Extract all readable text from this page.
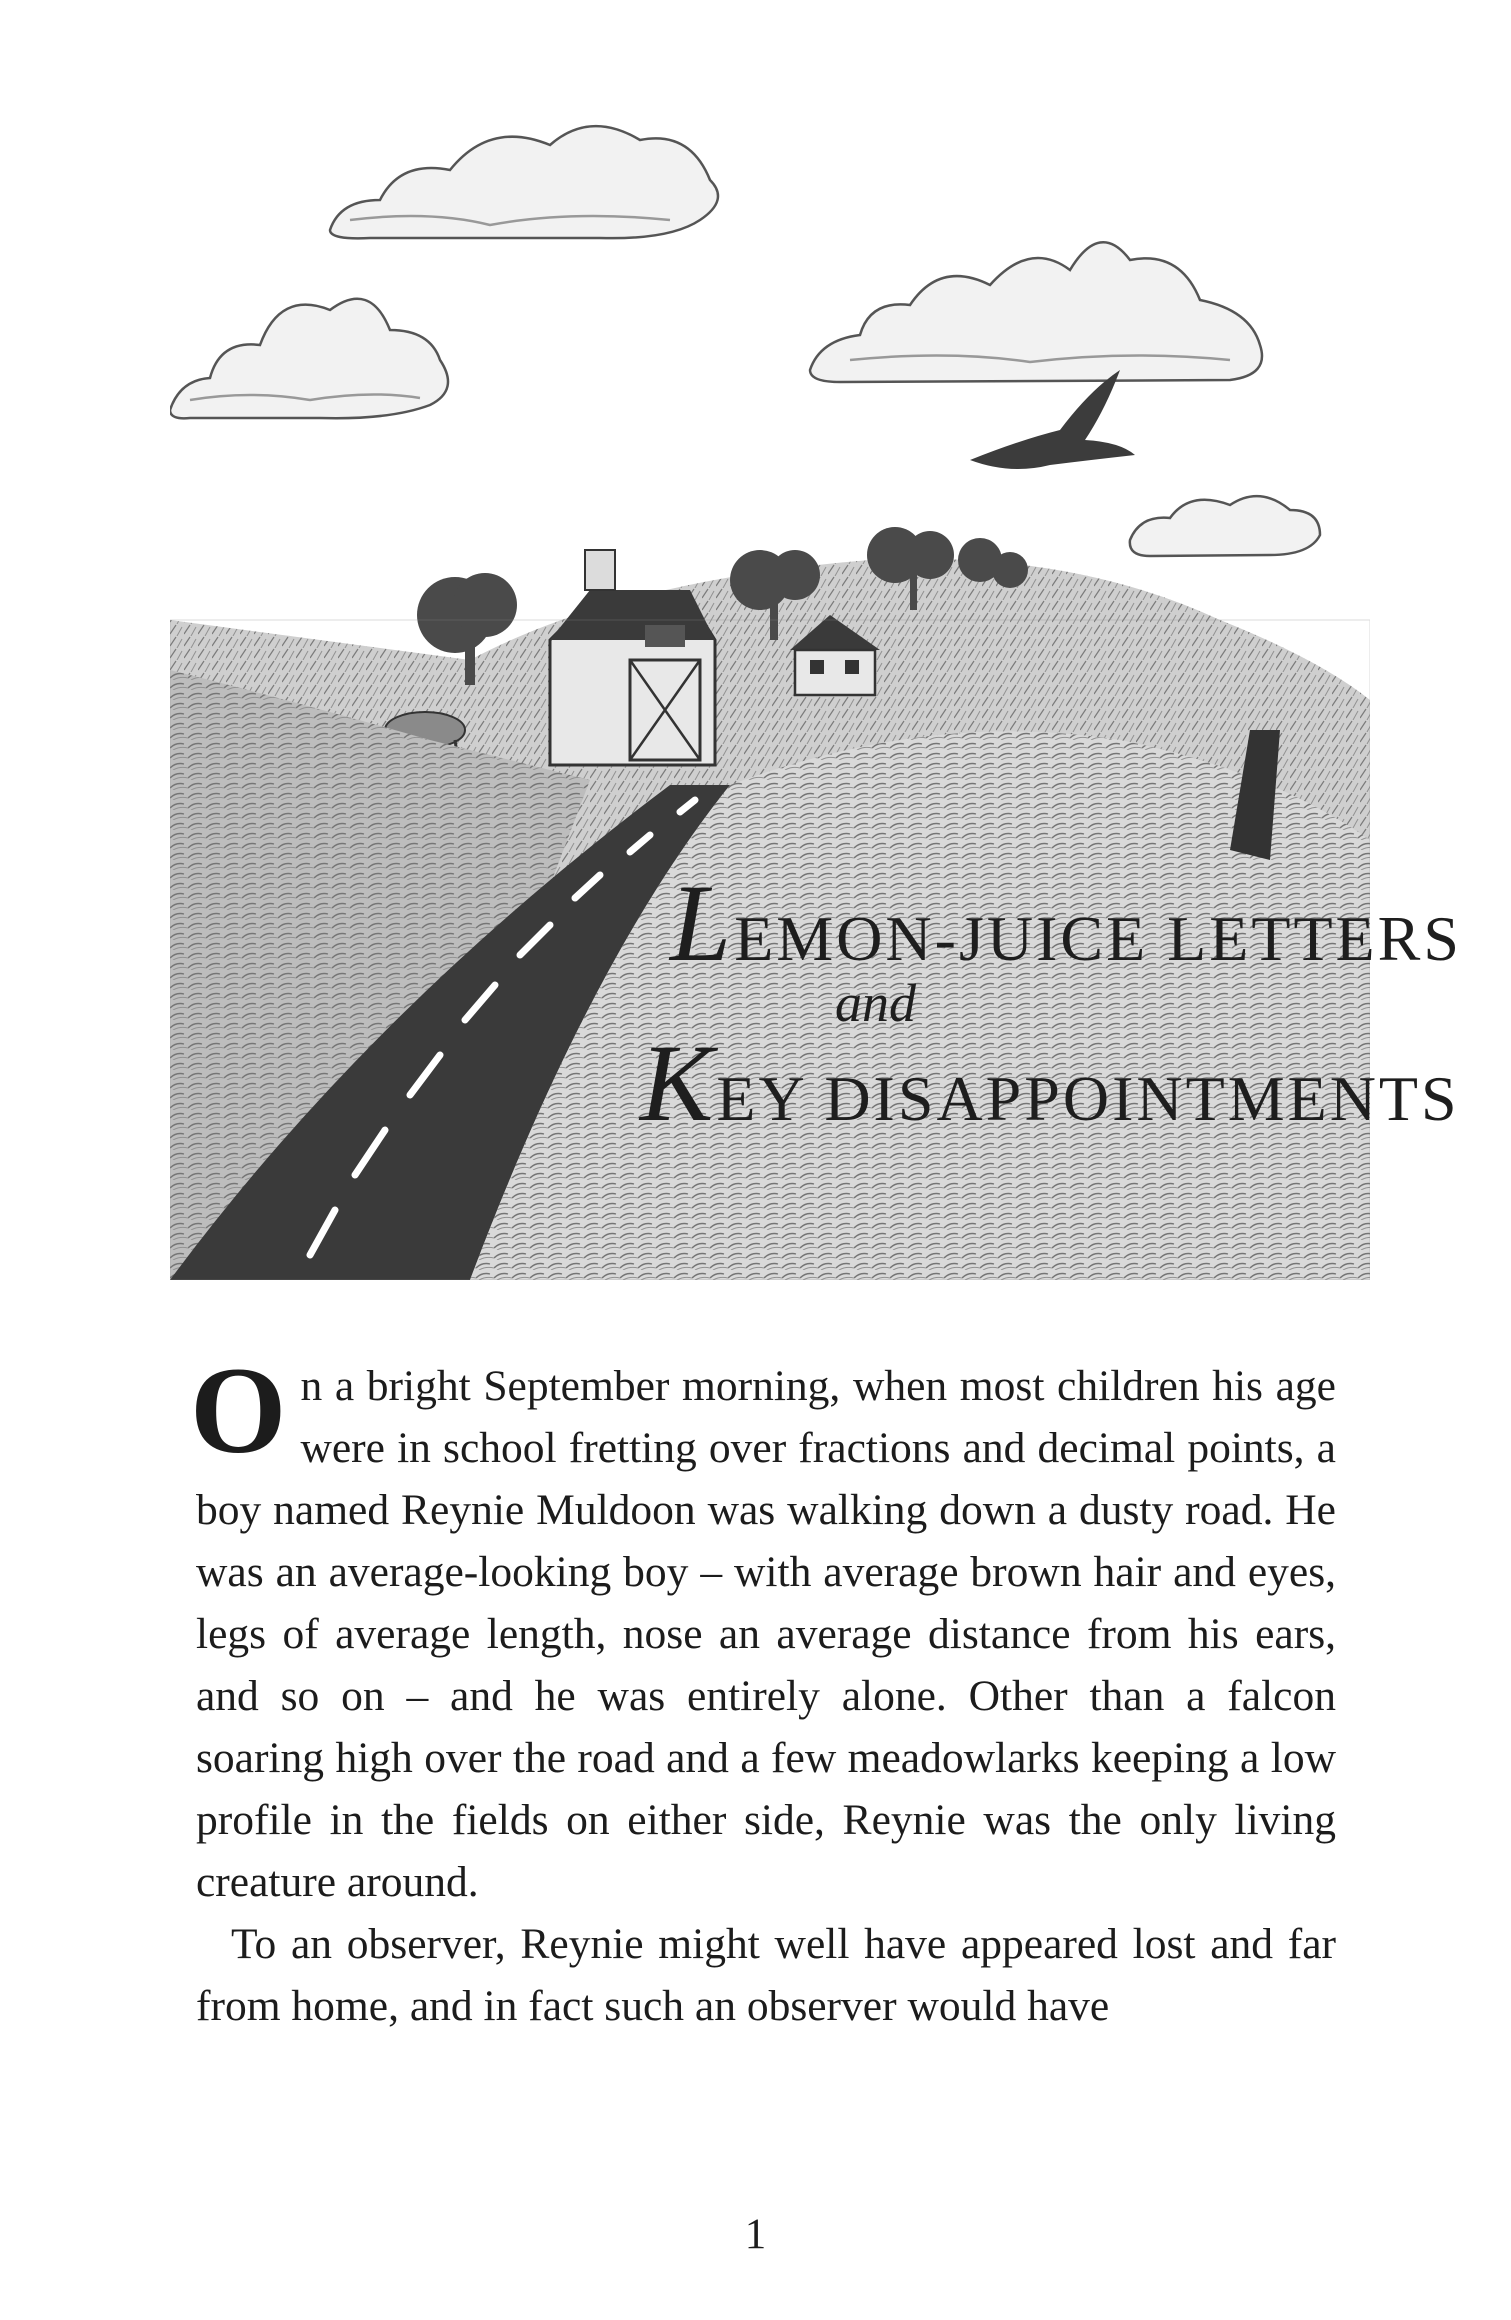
LEMON-JUICE LETTERS
and
KEY DISAPPOINTMENTS

On a bright September morning, when most children his age were in school fretting over fractions and decimal points, a boy named Reynie Muldoon was walking down a dusty road. He was an average-looking boy – with average brown hair and eyes, legs of average length, nose an average distance from his ears, and so on – and he was entirely alone. Other than a falcon soaring high over the road and a few meadowlarks keeping a low profile in the fields on either side, Reynie was the only living creature around.

To an observer, Reynie might well have appeared lost and far from home, and in fact such an observer would have

1
